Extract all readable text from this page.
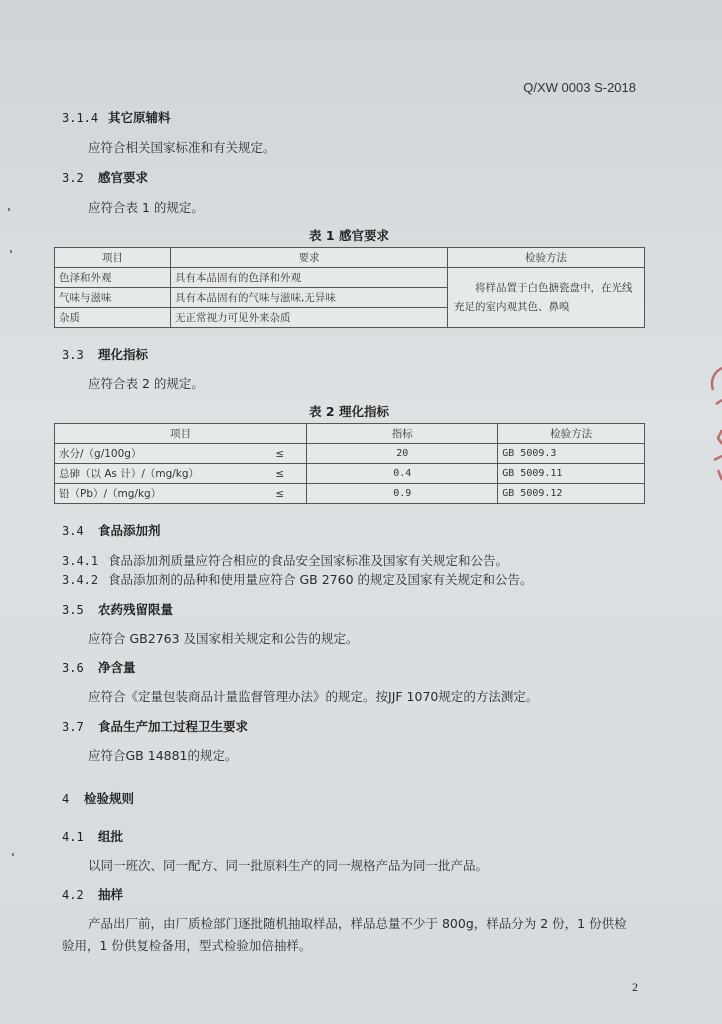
Q/XW 0003 S-2018
3.1.4 其它原辅料
应符合相关国家标准和有关规定。
3.2 感官要求
应符合表 1 的规定。
表 1 感官要求
项目	要求	检验方法
色泽和外观	具有本品固有的色泽和外观	将样品置于白色搪瓷盘中，在光线充足的室内观其色、鼻嗅
气味与滋味	具有本品固有的气味与滋味,无异味	
杂质	无正常视力可见外来杂质	
3.3 理化指标
应符合表 2 的规定。
表 2 理化指标
项目		指标	检验方法
水分/（g/100g）	≤	20	GB 5009.3
总砷（以 As 计）/（mg/kg）	≤	0.4	GB 5009.11
铅（Pb）/（mg/kg）	≤	0.9	GB 5009.12
3.4 食品添加剂
3.4.1 食品添加剂质量应符合相应的食品安全国家标准及国家有关规定和公告。
3.4.2 食品添加剂的品种和使用量应符合 GB 2760 的规定及国家有关规定和公告。
3.5 农药残留限量
应符合 GB2763 及国家相关规定和公告的规定。
3.6 净含量
应符合《定量包装商品计量监督管理办法》的规定。按JJF 1070规定的方法测定。
3.7 食品生产加工过程卫生要求
应符合GB 14881的规定。
4 检验规则
4.1 组批
以同一班次、同一配方、同一批原料生产的同一规格产品为同一批产品。
4.2 抽样
产品出厂前，由厂质检部门逐批随机抽取样品，样品总量不少于 800g，样品分为 2 份，1 份供检
验用，1 份供复检备用，型式检验加倍抽样。
2
